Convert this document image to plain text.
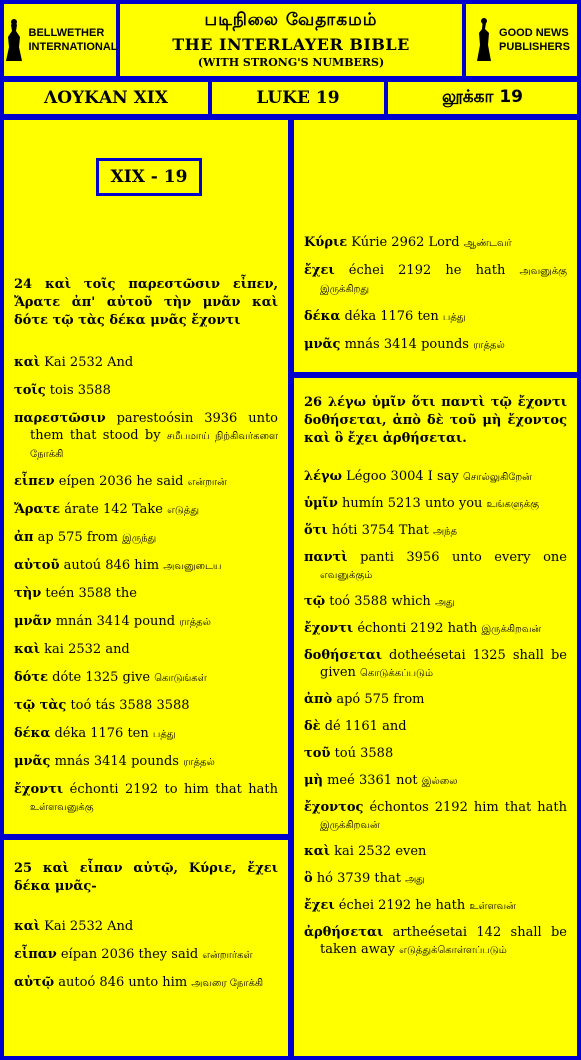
BELLWETHER
INTERNATIONAL
படிநிலை வேதாகமம்
THE INTERLAYER BIBLE
(WITH STRONG'S NUMBERS)
GOOD NEWS
PUBLISHERS
ΛΟΥΚΑΝ XIX	LUKE 19	லூக்கா 19
24 καὶ τοῖς παρεστῶσιν εἶπεν, Ἄρατε ἀπ' αὐτοῦ τὴν μνᾶν καὶ δότε τῷ τὰς δέκα μνᾶς ἔχοντι
καὶ Kai 2532 And
τοῖς tois 3588
παρεστῶσιν parestoósin 3936 unto them that stood by சமீபமாய் நிற்கிவர்களை நோக்கி
εἶπεν eípen 2036 he said என்றான்
Ἄρατε árate 142 Take எடுத்து
ἀπ ap 575 from இருந்து
αὐτοῦ autoú 846 him அவனுடைய
τὴν teén 3588 the
μνᾶν mnán 3414 pound ராத்தல்
καὶ kai 2532 and
δότε dóte 1325 give கொடுங்கள்
τῷ τὰς toó tás 3588 3588
δέκα déka 1176 ten பத்து
μνᾶς mnás 3414 pounds ராத்தல்
ἔχοντι échonti 2192 to him that hath உள்ளவனுக்கு
XIX - 19
25 καὶ εἶπαν αὐτῷ, Κύριε, ἔχει δέκα μνᾶς-
καὶ Kai 2532 And
εἶπαν eípan 2036 they said என்றார்கள்
αὐτῷ autoó 846 unto him அவரை நோக்கி
Κύριε Kúrie 2962 Lord ஆண்டவர்
ἔχει échei 2192 he hath அவனுக்கு இருக்கிறது
δέκα déka 1176 ten பத்து
μνᾶς mnás 3414 pounds ராத்தல்
26 λέγω ὑμῖν ὅτι παντὶ τῷ ἔχοντι δοθήσεται, ἀπὸ δὲ τοῦ μὴ ἔχοντος καὶ ὃ ἔχει ἀρθήσεται.
λέγω Légoo 3004 I say சொல்லுகிறேன்
ὑμῖν humín 5213 unto you உங்களுக்கு
ὅτι hóti 3754 That அந்த
παντὶ panti 3956 unto every one எவனுக்கும்
τῷ toó 3588 which அது
ἔχοντι échonti 2192 hath இருக்கிறவன்
δοθήσεται dotheésetai 1325 shall be given கொடுக்கப்படும்
ἀπὸ apó 575 from
δὲ dé 1161 and
τοῦ toú 3588
μὴ meé 3361 not இல்லை
ἔχοντος échontos 2192 him that hath இருக்கிறவன்
καὶ kai 2532 even
ὃ hó 3739 that அது
ἔχει échei 2192 he hath உள்ளவன்
ἀρθήσεται artheésetai 142 shall be taken away எடுத்துக்கொள்ளப்படும்
